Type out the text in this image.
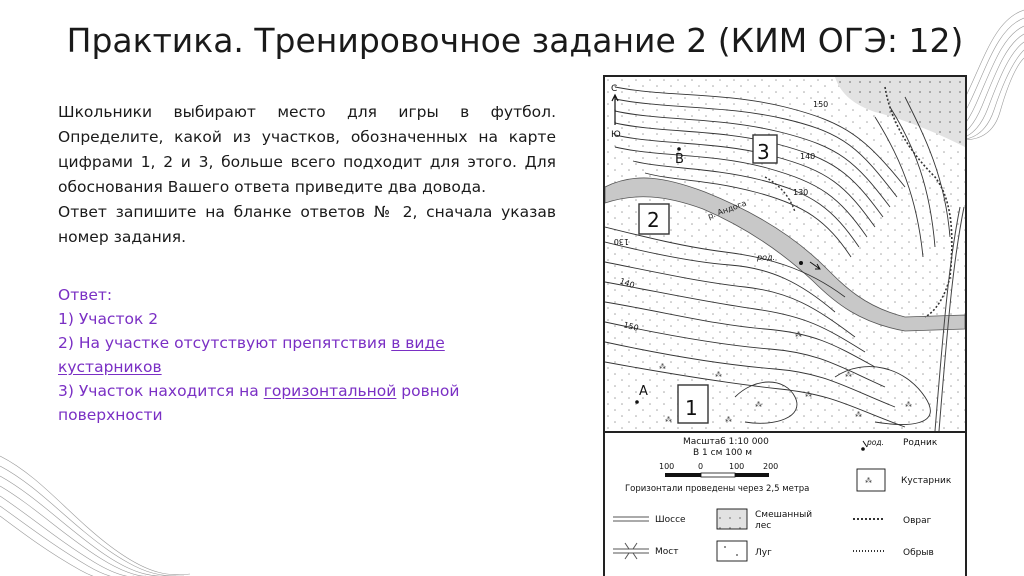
Практика. Тренировочное задание 2 (КИМ ОГЭ: 12)

Школьники выбирают место для игры в футбол. Определите, какой из участков, обозначенных на карте цифрами 1, 2 и 3, больше всего подходит для этого. Для обоснования Вашего ответа приведите два довода.

Ответ запишите на бланке ответов № 2, сначала указав номер задания.

Ответ:
1) Участок 2
2) На участке отсутствуют препятствия в виде кустарников
3) Участок находится на горизонтальной ровной поверхности
р. Андога
3
2
1
В
А
С
Ю
род.
150
140
130
130
140
150
⁂
⁂
⁂
⁂
⁂
⁂
⁂
⁂
⁂
⁂
Масштаб 1:10 000
В 1 см 100 м
100	0	100 200
Горизонтали проведены через 2,5 метра
род. Родник
⁂	Кустарник
Шоссе	Смешанный
лес	Овраг
Мост	Луг	Обрыв
